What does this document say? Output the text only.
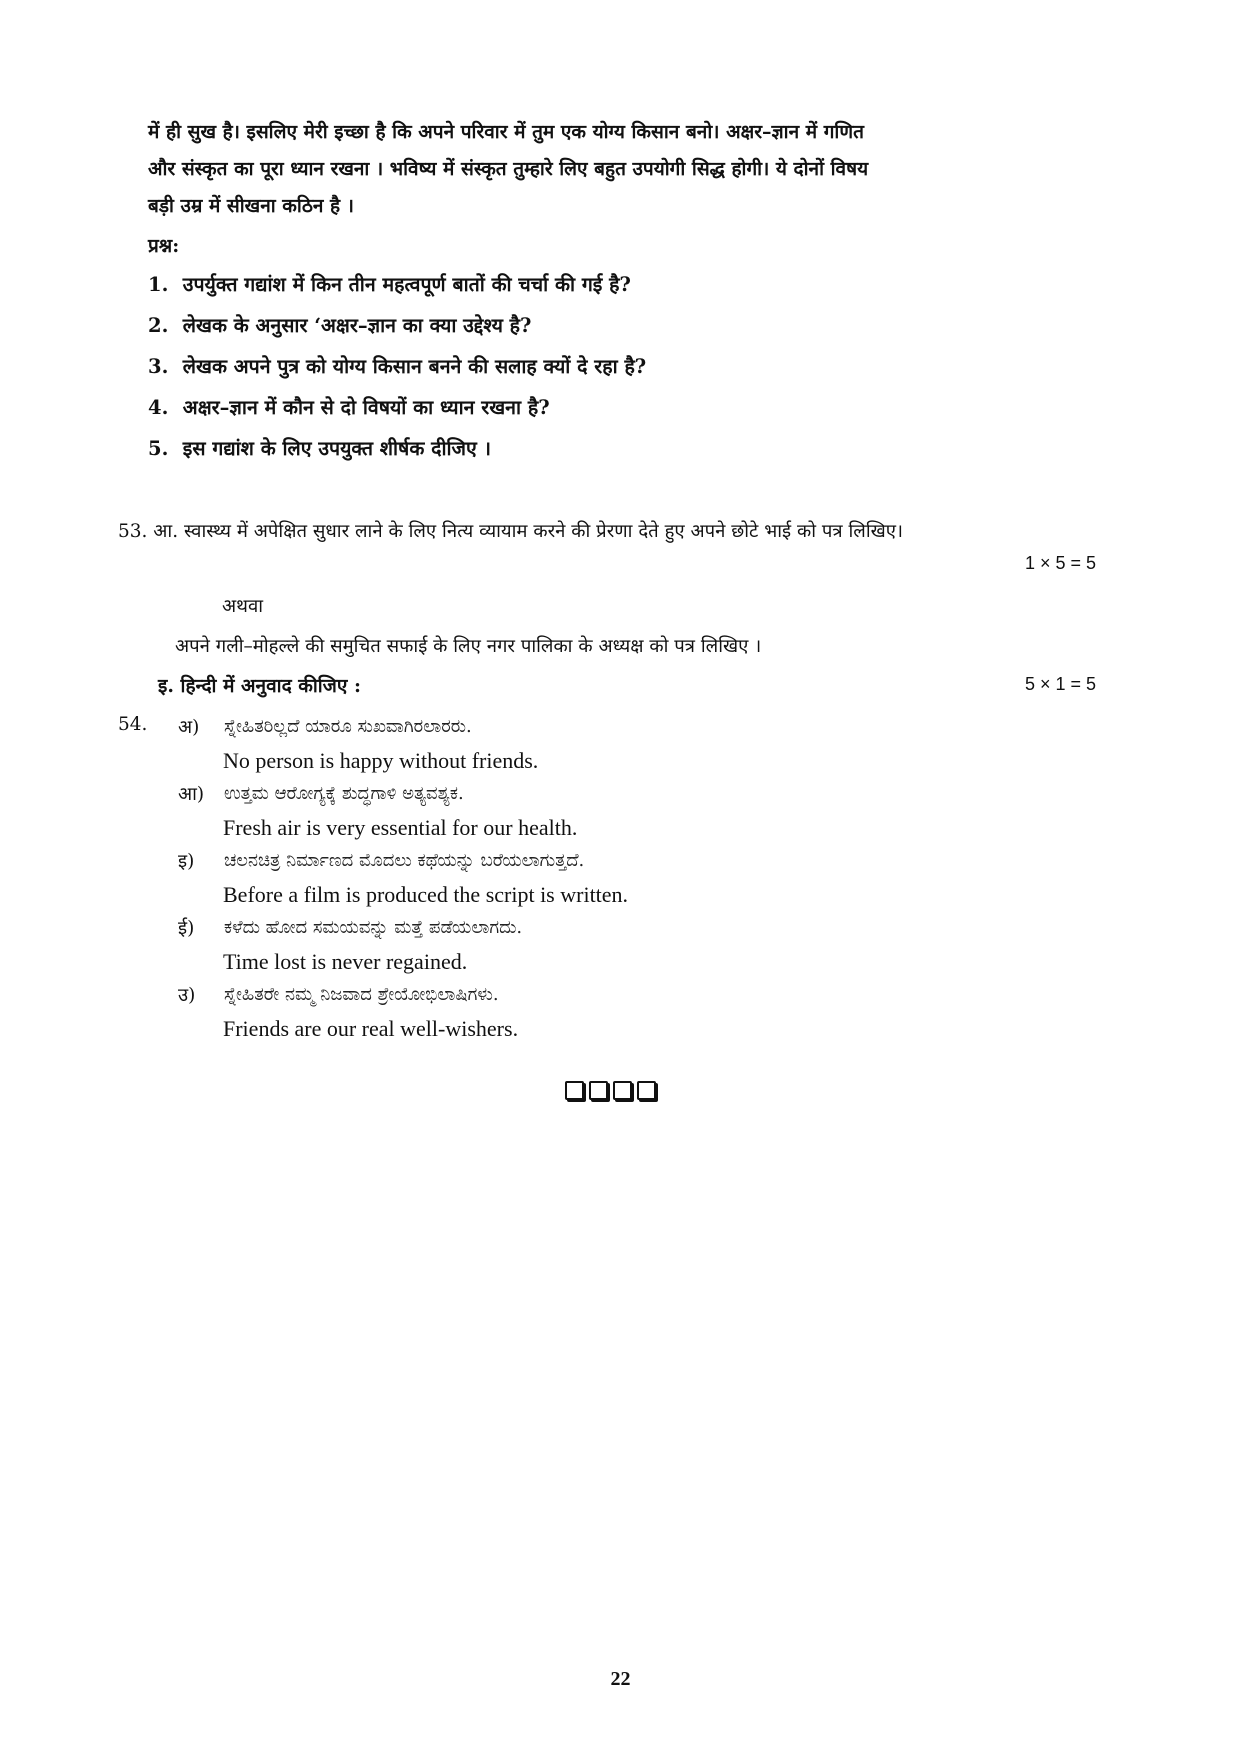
में ही सुख है। इसलिए मेरी इच्छा है कि अपने परिवार में तुम एक योग्य किसान बनो। अक्षर–ज्ञान में गणित
और संस्कृत का पूरा ध्यान रखना । भविष्य में संस्कृत तुम्हारे लिए बहुत उपयोगी सिद्ध होगी। ये दोनों विषय
बड़ी उम्र में सीखना कठिन है ।
प्रश्न:
1. उपर्युक्त गद्यांश में किन तीन महत्वपूर्ण बातों की चर्चा की गई है?
2. लेखक के अनुसार ‘अक्षर–ज्ञान का क्या उद्देश्य है?
3. लेखक अपने पुत्र को योग्य किसान बनने की सलाह क्यों दे रहा है?
4. अक्षर–ज्ञान में कौन से दो विषयों का ध्यान रखना है?
5. इस गद्यांश के लिए उपयुक्त शीर्षक दीजिए ।
53. आ. स्वास्थ्य में अपेक्षित सुधार लाने के लिए नित्य व्यायाम करने की प्रेरणा देते हुए अपने छोटे भाई को पत्र लिखिए।
1 × 5 = 5
अथवा
अपने गली–मोहल्ले की समुचित सफाई के लिए नगर पालिका के अध्यक्ष को पत्र लिखिए ।
इ. हिन्दी में अनुवाद कीजिए :	5 × 1 = 5
54. अ) ಸ್ನೇಹಿತರಿಲ್ಲದೆ ಯಾರೂ ಸುಖವಾಗಿರಲಾರರು.
No person is happy without friends.
आ) ಉತ್ತಮ ಆರೋಗ್ಯಕ್ಕೆ ಶುದ್ಧಗಾಳಿ ಅತ್ಯವಶ್ಯಕ.
Fresh air is very essential for our health.
इ) ಚಲನಚಿತ್ರ ನಿರ್ಮಾಣದ ಮೊದಲು ಕಥೆಯನ್ನು ಬರೆಯಲಾಗುತ್ತದೆ.
Before a film is produced the script is written.
ई) ಕಳೆದು ಹೋದ ಸಮಯವನ್ನು ಮತ್ತೆ ಪಡೆಯಲಾಗದು.
Time lost is never regained.
उ) ಸ್ನೇಹಿತರೇ ನಮ್ಮ ನಿಜವಾದ ಶ್ರೇಯೋಭಿಲಾಷಿಗಳು.
Friends are our real well-wishers.
22
